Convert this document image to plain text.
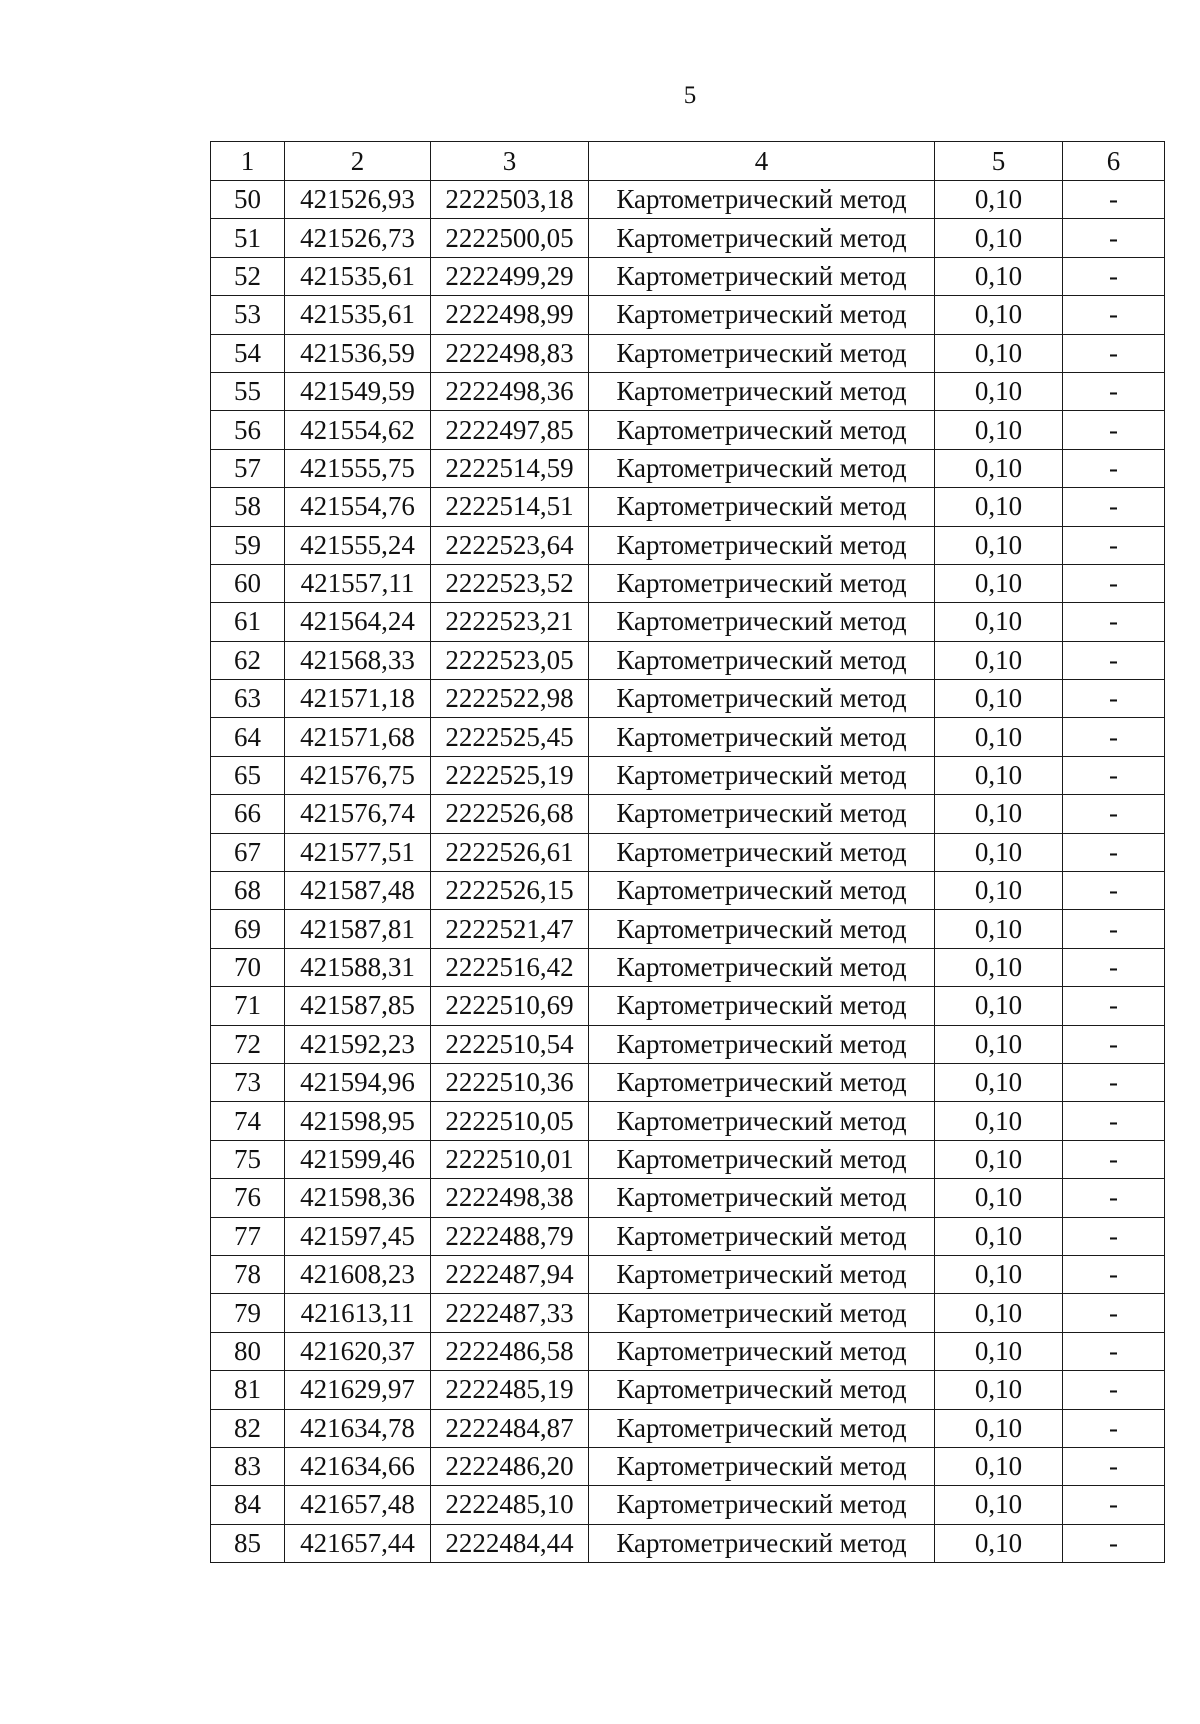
5
1	2	3	4	5	6
50	421526,93	2222503,18	Картометрический метод	0,10	-
51	421526,73	2222500,05	Картометрический метод	0,10	-
52	421535,61	2222499,29	Картометрический метод	0,10	-
53	421535,61	2222498,99	Картометрический метод	0,10	-
54	421536,59	2222498,83	Картометрический метод	0,10	-
55	421549,59	2222498,36	Картометрический метод	0,10	-
56	421554,62	2222497,85	Картометрический метод	0,10	-
57	421555,75	2222514,59	Картометрический метод	0,10	-
58	421554,76	2222514,51	Картометрический метод	0,10	-
59	421555,24	2222523,64	Картометрический метод	0,10	-
60	421557,11	2222523,52	Картометрический метод	0,10	-
61	421564,24	2222523,21	Картометрический метод	0,10	-
62	421568,33	2222523,05	Картометрический метод	0,10	-
63	421571,18	2222522,98	Картометрический метод	0,10	-
64	421571,68	2222525,45	Картометрический метод	0,10	-
65	421576,75	2222525,19	Картометрический метод	0,10	-
66	421576,74	2222526,68	Картометрический метод	0,10	-
67	421577,51	2222526,61	Картометрический метод	0,10	-
68	421587,48	2222526,15	Картометрический метод	0,10	-
69	421587,81	2222521,47	Картометрический метод	0,10	-
70	421588,31	2222516,42	Картометрический метод	0,10	-
71	421587,85	2222510,69	Картометрический метод	0,10	-
72	421592,23	2222510,54	Картометрический метод	0,10	-
73	421594,96	2222510,36	Картометрический метод	0,10	-
74	421598,95	2222510,05	Картометрический метод	0,10	-
75	421599,46	2222510,01	Картометрический метод	0,10	-
76	421598,36	2222498,38	Картометрический метод	0,10	-
77	421597,45	2222488,79	Картометрический метод	0,10	-
78	421608,23	2222487,94	Картометрический метод	0,10	-
79	421613,11	2222487,33	Картометрический метод	0,10	-
80	421620,37	2222486,58	Картометрический метод	0,10	-
81	421629,97	2222485,19	Картометрический метод	0,10	-
82	421634,78	2222484,87	Картометрический метод	0,10	-
83	421634,66	2222486,20	Картометрический метод	0,10	-
84	421657,48	2222485,10	Картометрический метод	0,10	-
85	421657,44	2222484,44	Картометрический метод	0,10	-
